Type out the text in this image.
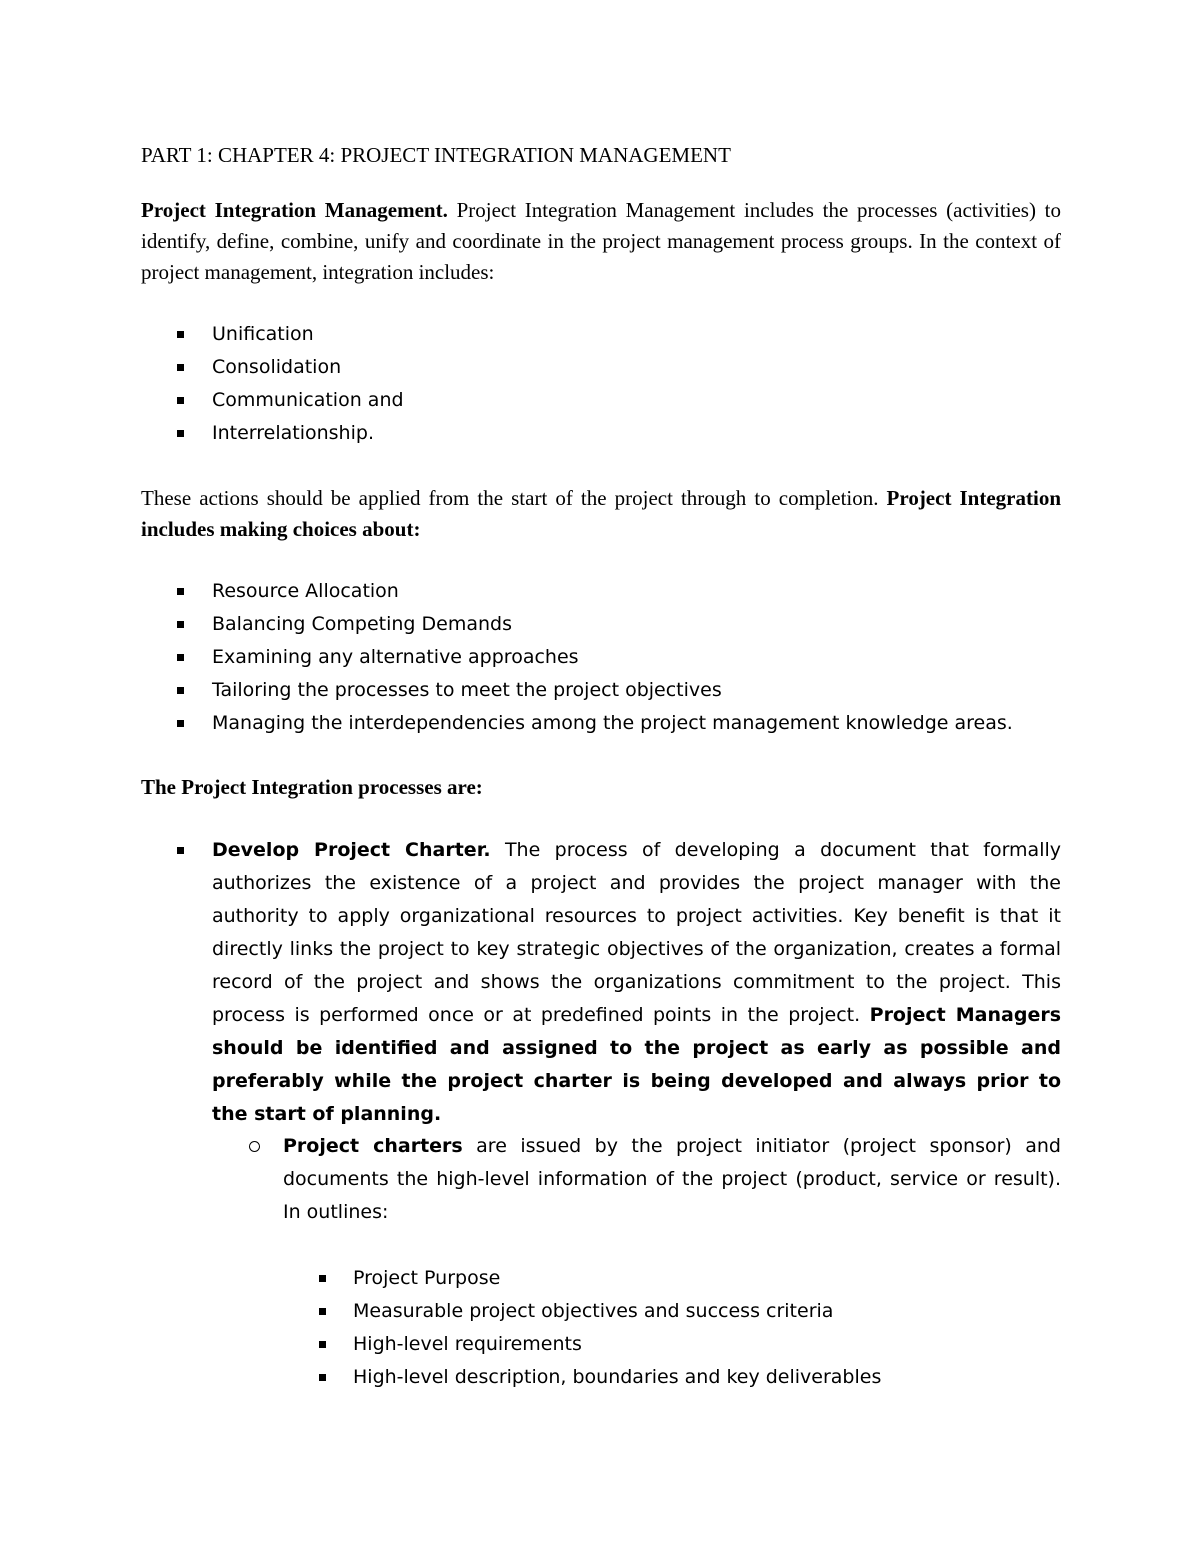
PART 1: CHAPTER 4: PROJECT INTEGRATION MANAGEMENT

Project Integration Management. Project Integration Management includes the processes (activities) to identify, define, combine, unify and coordinate in the project management process groups. In the context of project management, integration includes:

Unification
Consolidation
Communication and
Interrelationship.

These actions should be applied from the start of the project through to completion. Project Integration includes making choices about:

Resource Allocation
Balancing Competing Demands
Examining any alternative approaches
Tailoring the processes to meet the project objectives
Managing the interdependencies among the project management knowledge areas.

The Project Integration processes are:

Develop Project Charter. The process of developing a document that formally authorizes the existence of a project and provides the project manager with the authority to apply organizational resources to project activities. Key benefit is that it directly links the project to key strategic objectives of the organization, creates a formal record of the project and shows the organizations commitment to the project. This process is performed once or at predefined points in the project. Project Managers should be identified and assigned to the project as early as possible and preferably while the project charter is being developed and always prior to the start of planning.
Project charters are issued by the project initiator (project sponsor) and documents the high-level information of the project (product, service or result). In outlines:
Project Purpose
Measurable project objectives and success criteria
High-level requirements
High-level description, boundaries and key deliverables
